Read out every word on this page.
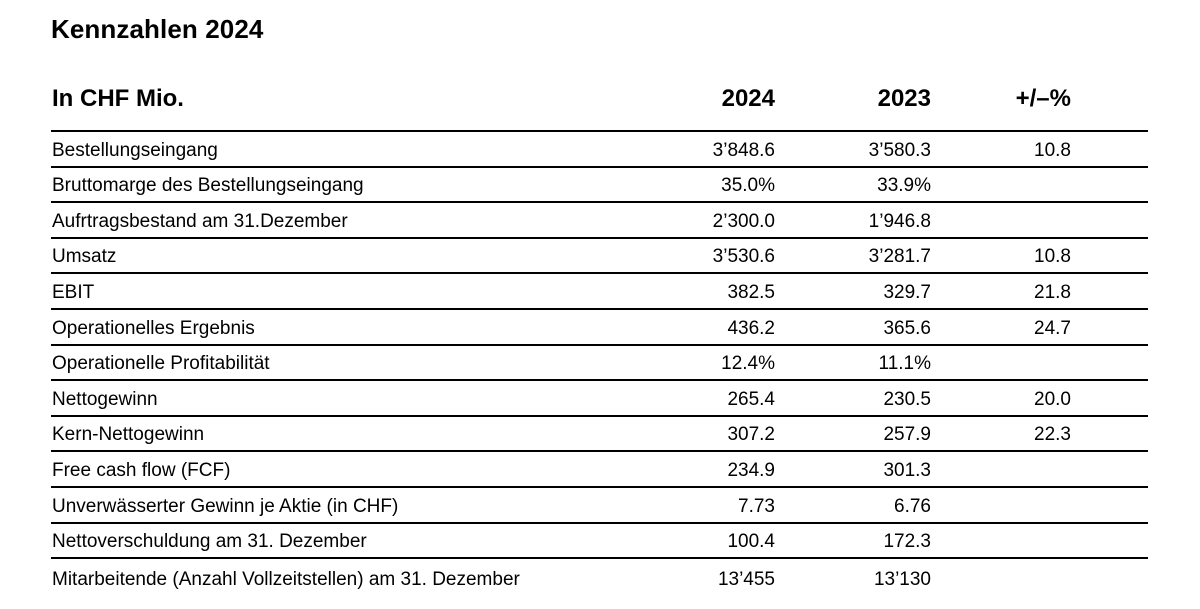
Kennzahlen 2024
In CHF Mio.	2024	2023	+/–%
Bestellungseingang	3’848.6	3’580.3	10.8
Bruttomarge des Bestellungseingang	35.0%	33.9%
Aufrtragsbestand am 31.Dezember	2’300.0	1’946.8
Umsatz	3’530.6	3’281.7	10.8
EBIT	382.5	329.7	21.8
Operationelles Ergebnis	436.2	365.6	24.7
Operationelle Profitabilität	12.4%	11.1%
Nettogewinn	265.4	230.5	20.0
Kern-Nettogewinn	307.2	257.9	22.3
Free cash flow (FCF)	234.9	301.3
Unverwässerter Gewinn je Aktie (in CHF)	7.73	6.76
Nettoverschuldung am 31. Dezember	100.4	172.3
Mitarbeitende (Anzahl Vollzeitstellen) am 31. Dezember	13’455	13’130
